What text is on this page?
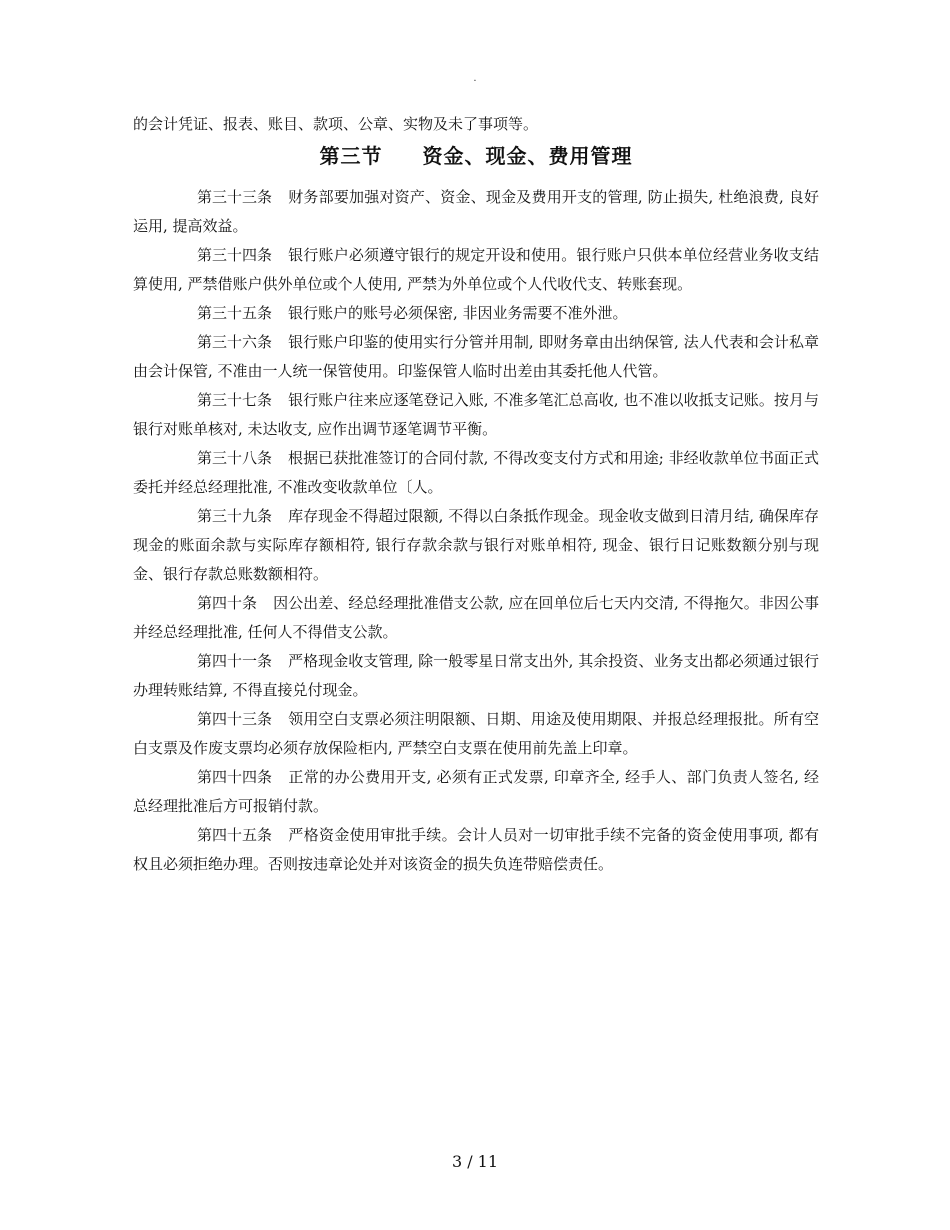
.

的会计凭证、报表、账目、款项、公章、实物及未了事项等。

第三节 资金、现金、费用管理

第三十三条 财务部要加强对资产、资金、现金及费用开支的管理, 防止损失, 杜绝浪费, 良好运用, 提高效益。

第三十四条 银行账户必须遵守银行的规定开设和使用。银行账户只供本单位经营业务收支结算使用, 严禁借账户供外单位或个人使用, 严禁为外单位或个人代收代支、转账套现。

第三十五条 银行账户的账号必须保密, 非因业务需要不准外泄。

第三十六条 银行账户印鉴的使用实行分管并用制, 即财务章由出纳保管, 法人代表和会计私章由会计保管, 不准由一人统一保管使用。印鉴保管人临时出差由其委托他人代管。

第三十七条 银行账户往来应逐笔登记入账, 不准多笔汇总高收, 也不准以收抵支记账。按月与银行对账单核对, 未达收支, 应作出调节逐笔调节平衡。

第三十八条 根据已获批准签订的合同付款, 不得改变支付方式和用途; 非经收款单位书面正式委托并经总经理批准, 不准改变收款单位〔人。

第三十九条 库存现金不得超过限额, 不得以白条抵作现金。现金收支做到日清月结, 确保库存现金的账面余款与实际库存额相符, 银行存款余款与银行对账单相符, 现金、银行日记账数额分别与现金、银行存款总账数额相符。

第四十条 因公出差、经总经理批准借支公款, 应在回单位后七天内交清, 不得拖欠。非因公事并经总经理批准, 任何人不得借支公款。

第四十一条 严格现金收支管理, 除一般零星日常支出外, 其余投资、业务支出都必须通过银行办理转账结算, 不得直接兑付现金。

第四十三条 领用空白支票必须注明限额、日期、用途及使用期限、并报总经理报批。所有空白支票及作废支票均必须存放保险柜内, 严禁空白支票在使用前先盖上印章。

第四十四条 正常的办公费用开支, 必须有正式发票, 印章齐全, 经手人、部门负责人签名, 经总经理批准后方可报销付款。

第四十五条 严格资金使用审批手续。会计人员对一切审批手续不完备的资金使用事项, 都有权且必须拒绝办理。否则按违章论处并对该资金的损失负连带赔偿责任。

3 / 11
